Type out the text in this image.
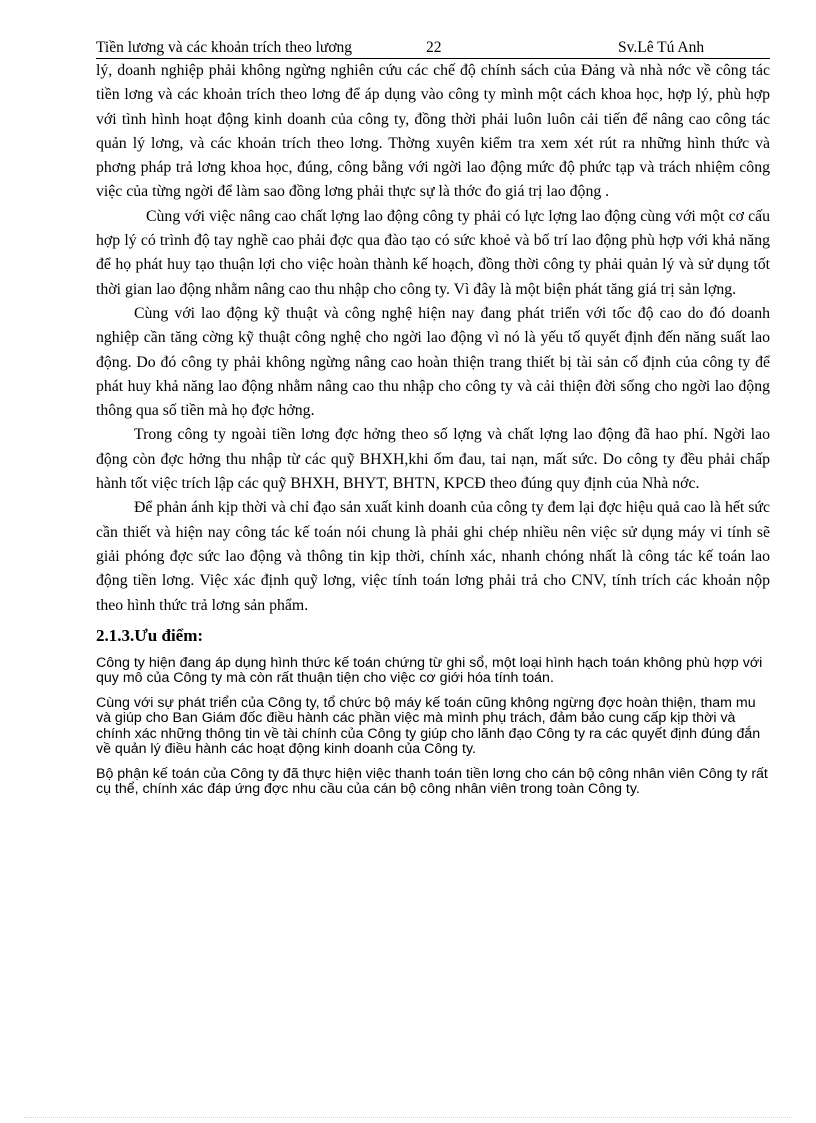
Tiền lương và các khoản trích theo lương	22	Sv.Lê Tú Anh

lý, doanh nghiệp phải không ngừng nghiên cứu các chế độ chính sách của Đảng và nhà nớc về công tác tiền lơng và các khoản trích theo lơng để áp dụng vào công ty mình một cách khoa học, hợp lý, phù hợp với tình hình hoạt động kinh doanh của công ty, đồng thời phải luôn luôn cải tiến để nâng cao công tác quản lý lơng, và các khoản trích theo lơng. Thờng xuyên kiểm tra xem xét rút ra những hình thức và phơng pháp trả lơng khoa học, đúng, công bằng với ngời lao động mức độ phức tạp và trách nhiệm công việc của từng ngời để làm sao đồng lơng phải thực sự là thớc đo giá trị lao động .

Cùng với việc nâng cao chất lợng lao động công ty phải có lực lợng lao động cùng với một cơ cấu hợp lý có trình độ tay nghề cao phải đợc qua đào tạo có sức khoẻ và bố trí lao động phù hợp với khả năng để họ phát huy tạo thuận lợi cho việc hoàn thành kế hoạch, đồng thời công ty phải quản lý và sử dụng tốt thời gian lao động nhằm nâng cao thu nhập cho công ty. Vì đây là một biện phát tăng giá trị sản lợng.

Cùng với lao động kỹ thuật và công nghệ hiện nay đang phát triển với tốc độ cao do đó doanh nghiệp cần tăng cờng kỹ thuật công nghệ cho ngời lao động vì nó là yếu tố quyết định đến năng suất lao động. Do đó công ty phải không ngừng nâng cao hoàn thiện trang thiết bị tài sản cố định của công ty để phát huy khả năng lao động nhằm nâng cao thu nhập cho công ty và cải thiện đời sống cho ngời lao động thông qua số tiền mà họ đợc hởng.

Trong công ty ngoài tiền lơng đợc hởng theo số lợng và chất lợng lao động đã hao phí. Ngời lao động còn đợc hởng thu nhập từ các quỹ BHXH,khi ốm đau, tai nạn, mất sức. Do công ty đều phải chấp hành tốt việc trích lập các quỹ BHXH, BHYT, BHTN, KPCĐ theo đúng quy định của Nhà nớc.

Để phản ánh kịp thời và chỉ đạo sản xuất kinh doanh của công ty đem lại đợc hiệu quả cao là hết sức cần thiết và hiện nay công tác kế toán nói chung là phải ghi chép nhiều nên việc sử dụng máy vi tính sẽ giải phóng đợc sức lao động và thông tin kịp thời, chính xác, nhanh chóng nhất là công tác kế toán lao động tiền lơng. Việc xác định quỹ lơng, việc tính toán lơng phải trả cho CNV, tính trích các khoản nộp theo hình thức trả lơng sản phẩm.

2.1.3.Ưu điểm:

Công ty hiện đang áp dụng hình thức kế toán chứng từ ghi sổ, một loại hình hạch toán không phù hợp với quy mô của Công ty mà còn rất thuận tiện cho việc cơ giới hóa tính toán.

Cùng với sự phát triển của Công ty, tổ chức bộ máy kế toán cũng không ngừng đợc hoàn thiện, tham mu và giúp cho Ban Giám đốc điều hành các phần việc mà mình phụ trách, đảm bảo cung cấp kịp thời và chính xác những thông tin về tài chính của Công ty giúp cho lãnh đạo Công ty ra các quyết định đúng đắn về quản lý điều hành các hoạt động kinh doanh của Công ty.

Bộ phận kế toán của Công ty đã thực hiện việc thanh toán tiền lơng cho cán bộ công nhân viên Công ty rất cụ thể, chính xác đáp ứng đợc nhu cầu của cán bộ công nhân viên trong toàn Công ty.
